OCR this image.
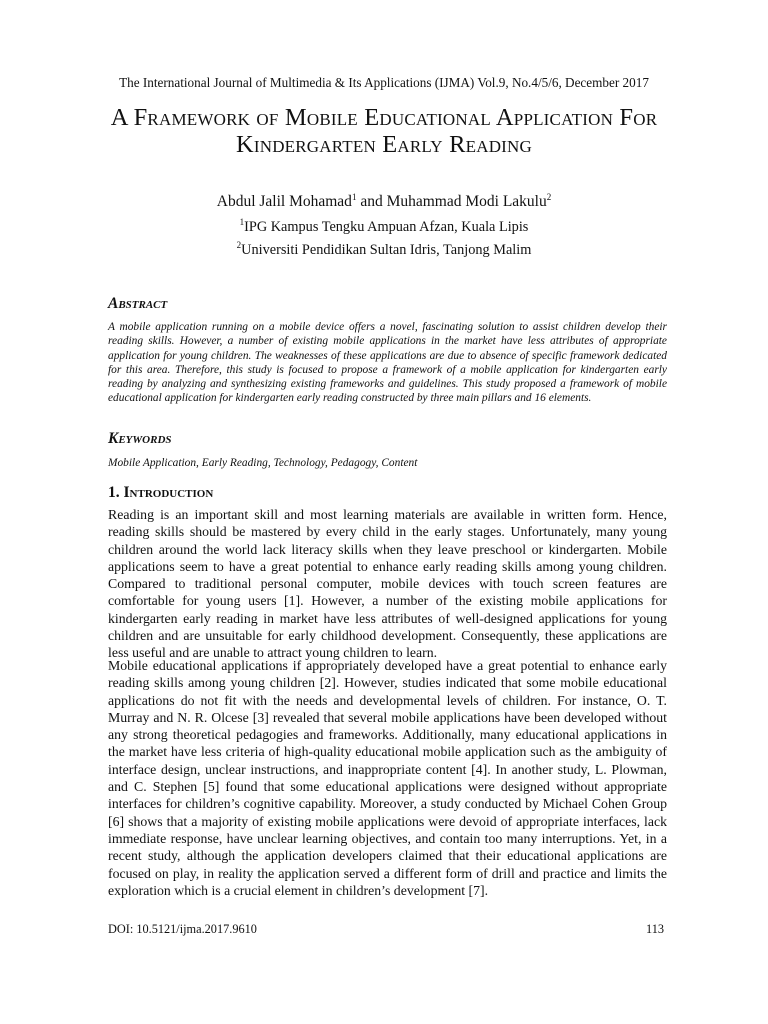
The International Journal of Multimedia & Its Applications (IJMA) Vol.9, No.4/5/6, December 2017
A Framework of Mobile Educational Application For Kindergarten Early Reading
Abdul Jalil Mohamad$^1$ and Muhammad Modi Lakulu$^2$
$^1$IPG Kampus Tengku Ampuan Afzan, Kuala Lipis
$^2$Universiti Pendidikan Sultan Idris, Tanjong Malim
Abstract

A mobile application running on a mobile device offers a novel, fascinating solution to assist children develop their reading skills. However, a number of existing mobile applications in the market have less attributes of appropriate application for young children. The weaknesses of these applications are due to absence of specific framework dedicated for this area. Therefore, this study is focused to propose a framework of a mobile application for kindergarten early reading by analyzing and synthesizing existing frameworks and guidelines. This study proposed a framework of mobile educational application for kindergarten early reading constructed by three main pillars and 16 elements.

Keywords

Mobile Application, Early Reading, Technology, Pedagogy, Content

1. Introduction

Reading is an important skill and most learning materials are available in written form. Hence, reading skills should be mastered by every child in the early stages. Unfortunately, many young children around the world lack literacy skills when they leave preschool or kindergarten. Mobile applications seem to have a great potential to enhance early reading skills among young children. Compared to traditional personal computer, mobile devices with touch screen features are comfortable for young users [1]. However, a number of the existing mobile applications for kindergarten early reading in market have less attributes of well-designed applications for young children and are unsuitable for early childhood development. Consequently, these applications are less useful and are unable to attract young children to learn.

Mobile educational applications if appropriately developed have a great potential to enhance early reading skills among young children [2]. However, studies indicated that some mobile educational applications do not fit with the needs and developmental levels of children. For instance, O. T. Murray and N. R. Olcese [3] revealed that several mobile applications have been developed without any strong theoretical pedagogies and frameworks. Additionally, many educational applications in the market have less criteria of high-quality educational mobile application such as the ambiguity of interface design, unclear instructions, and inappropriate content [4]. In another study, L. Plowman, and C. Stephen [5] found that some educational applications were designed without appropriate interfaces for children’s cognitive capability. Moreover, a study conducted by Michael Cohen Group [6] shows that a majority of existing mobile applications were devoid of appropriate interfaces, lack immediate response, have unclear learning objectives, and contain too many interruptions. Yet, in a recent study, although the application developers claimed that their educational applications are focused on play, in reality the application served a different form of drill and practice and limits the exploration which is a crucial element in children’s development [7].

DOI: 10.5121/ijma.2017.9610	113
